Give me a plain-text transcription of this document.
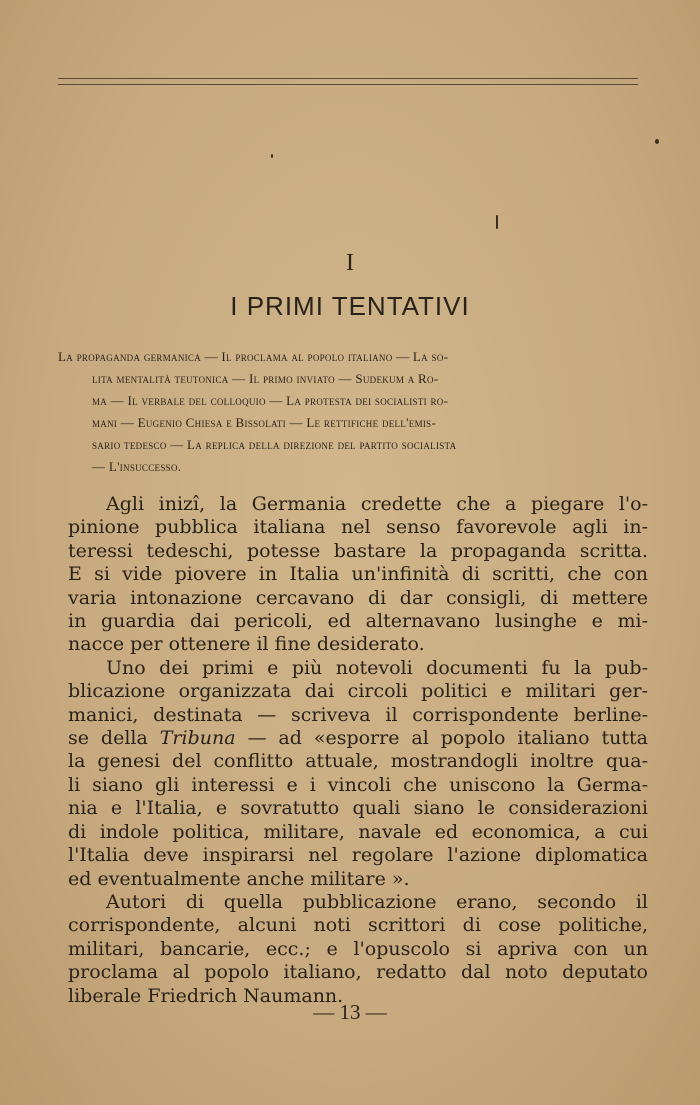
I
I PRIMI TENTATIVI
La propaganda germanica — Il proclama al popolo italiano — La so-
lita mentalità teutonica — Il primo inviato — Sudekum a Ro-
ma — Il verbale del colloquio — La protesta dei socialisti ro-
mani — Eugenio Chiesa e Bissolati — Le rettifiche dell'emis-
sario tedesco — La replica della direzione del partito socialista
— L'insuccesso.
Agli inizî, la Germania credette che a piegare l'o-
pinione pubblica italiana nel senso favorevole agli in-
teressi tedeschi, potesse bastare la propaganda scritta.
E si vide piovere in Italia un'infinità di scritti, che con
varia intonazione cercavano di dar consigli, di mettere
in guardia dai pericoli, ed alternavano lusinghe e mi-
nacce per ottenere il fine desiderato.
Uno dei primi e più notevoli documenti fu la pub-
blicazione organizzata dai circoli politici e militari ger-
manici, destinata — scriveva il corrispondente berline-
se della Tribuna — ad «esporre al popolo italiano tutta
la genesi del conflitto attuale, mostrandogli inoltre qua-
li siano gli interessi e i vincoli che uniscono la Germa-
nia e l'Italia, e sovratutto quali siano le considerazioni
di indole politica, militare, navale ed economica, a cui
l'Italia deve inspirarsi nel regolare l'azione diplomatica
ed eventualmente anche militare ».
Autori di quella pubblicazione erano, secondo il
corrispondente, alcuni noti scrittori di cose politiche,
militari, bancarie, ecc.; e l'opuscolo si apriva con un
proclama al popolo italiano, redatto dal noto deputato
liberale Friedrich Naumann.
— 13 —
